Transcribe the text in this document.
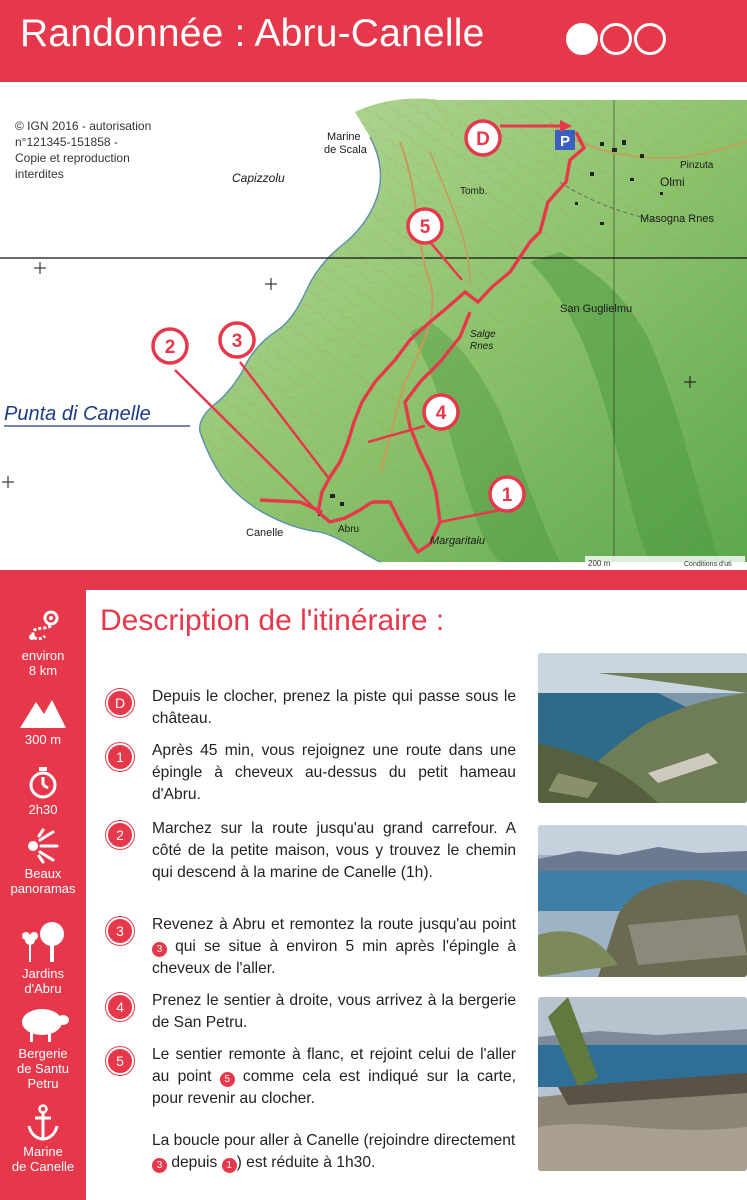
Randonnée : Abru-Canelle
P
D
5
2	3
4
1
Punta di Canelle
Capizzolu
Marine
de Scala
Canelle	Abru
Margaritaiu
Olmi
Masogna Rnes
San Guglielmu
Salge
Rnes
Pinzuta
Tomb.
200 m	Conditions d'uti
© IGN 2016 - autorisation
n°121345-151858 -
Copie et reproduction
interdites
environ
8 km
300 m
2h30
Beaux
panoramas
Jardins
d'Abru
Bergerie
de Santu
Petru
Marine
de Canelle
Description de l'itinéraire :
D	Depuis le clocher, prenez la piste qui passe sous le château.
1	Après 45 min, vous rejoignez une route dans une épingle à cheveux au-dessus du petit hameau d'Abru.
2	Marchez sur la route jusqu'au grand carrefour. A côté de la petite maison, vous y trouvez le chemin qui descend à la marine de Canelle (1h).
3	Revenez à Abru et remontez la route jusqu'au point 3 qui se situe à environ 5 min après l'épingle à cheveux de l'aller.
4	Prenez le sentier à droite, vous arrivez à la bergerie de San Petru.
5	Le sentier remonte à flanc, et rejoint celui de l'aller au point 5 comme cela est indiqué sur la carte, pour revenir au clocher.
La boucle pour aller à Canelle (rejoindre directement 3 depuis 1 ) est réduite à 1h30.
